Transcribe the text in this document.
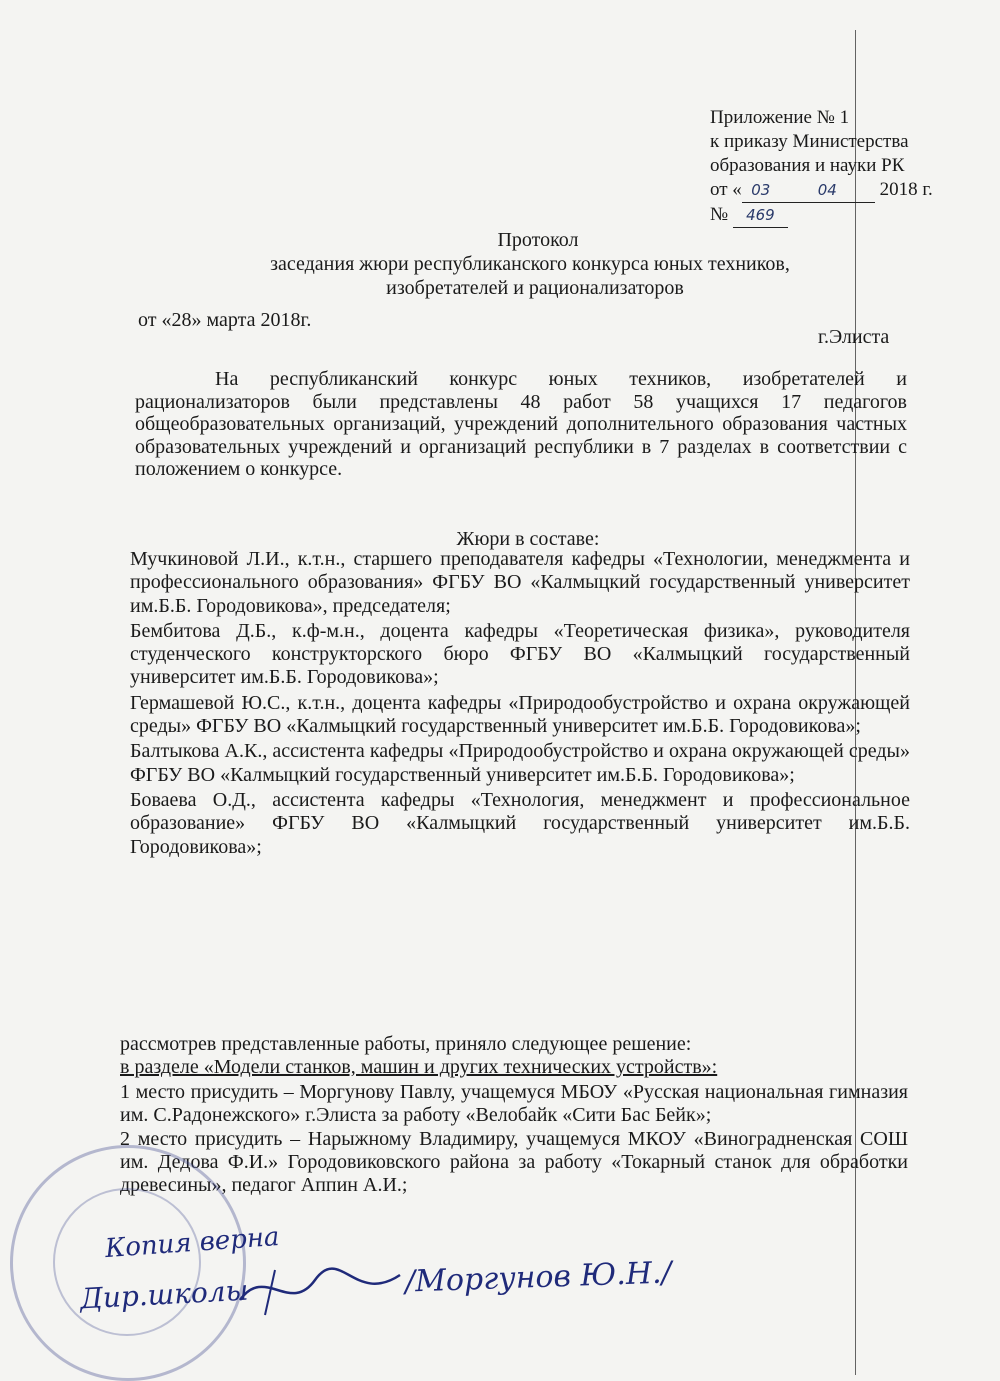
Приложение № 1
к приказу Министерства
образования и науки РК
от « 03	04 2018 г.
№ 469
Протокол
заседания жюри республиканского конкурса юных техников,
изобретателей и рационализаторов
от «28» марта 2018г.
г.Элиста

На республиканский конкурс юных техников, изобретателей и рационализаторов были представлены 48 работ 58 учащихся 17 педагогов общеобразовательных организаций, учреждений дополнительного образования частных образовательных учреждений и организаций республики в 7 разделах в соответствии с положением о конкурсе.

Жюри в составе:

Мучкиновой Л.И., к.т.н., старшего преподавателя кафедры «Технологии, менеджмента и профессионального образования» ФГБУ ВО «Калмыцкий государственный университет им.Б.Б. Городовикова», председателя;

Бембитова Д.Б., к.ф-м.н., доцента кафедры «Теоретическая физика», руководителя студенческого конструкторского бюро ФГБУ ВО «Калмыцкий государственный университет им.Б.Б. Городовикова»;

Гермашевой Ю.С., к.т.н., доцента кафедры «Природообустройство и охрана окружающей среды» ФГБУ ВО «Калмыцкий государственный университет им.Б.Б. Городовикова»;

Балтыкова А.К., ассистента кафедры «Природообустройство и охрана окружающей среды» ФГБУ ВО «Калмыцкий государственный университет им.Б.Б. Городовикова»;

Боваева О.Д., ассистента кафедры «Технология, менеджмент и профессиональное образование» ФГБУ ВО «Калмыцкий государственный университет им.Б.Б. Городовикова»;

рассмотрев представленные работы, приняло следующее решение:
в разделе «Модели станков, машин и других технических устройств»:

1 место присудить – Моргунову Павлу, учащемуся МБОУ «Русская национальная гимназия им. С.Радонежского» г.Элиста за работу «Велобайк «Сити Бас Бейк»;

2 место присудить – Нарыжному Владимиру, учащемуся МКОУ «Виноградненская СОШ им. Дедова Ф.И.» Городовиковского района за работу «Токарный станок для обработки древесины», педагог Аппин А.И.;

Копия верна
Дир.школы	/Моргунов Ю.Н./
